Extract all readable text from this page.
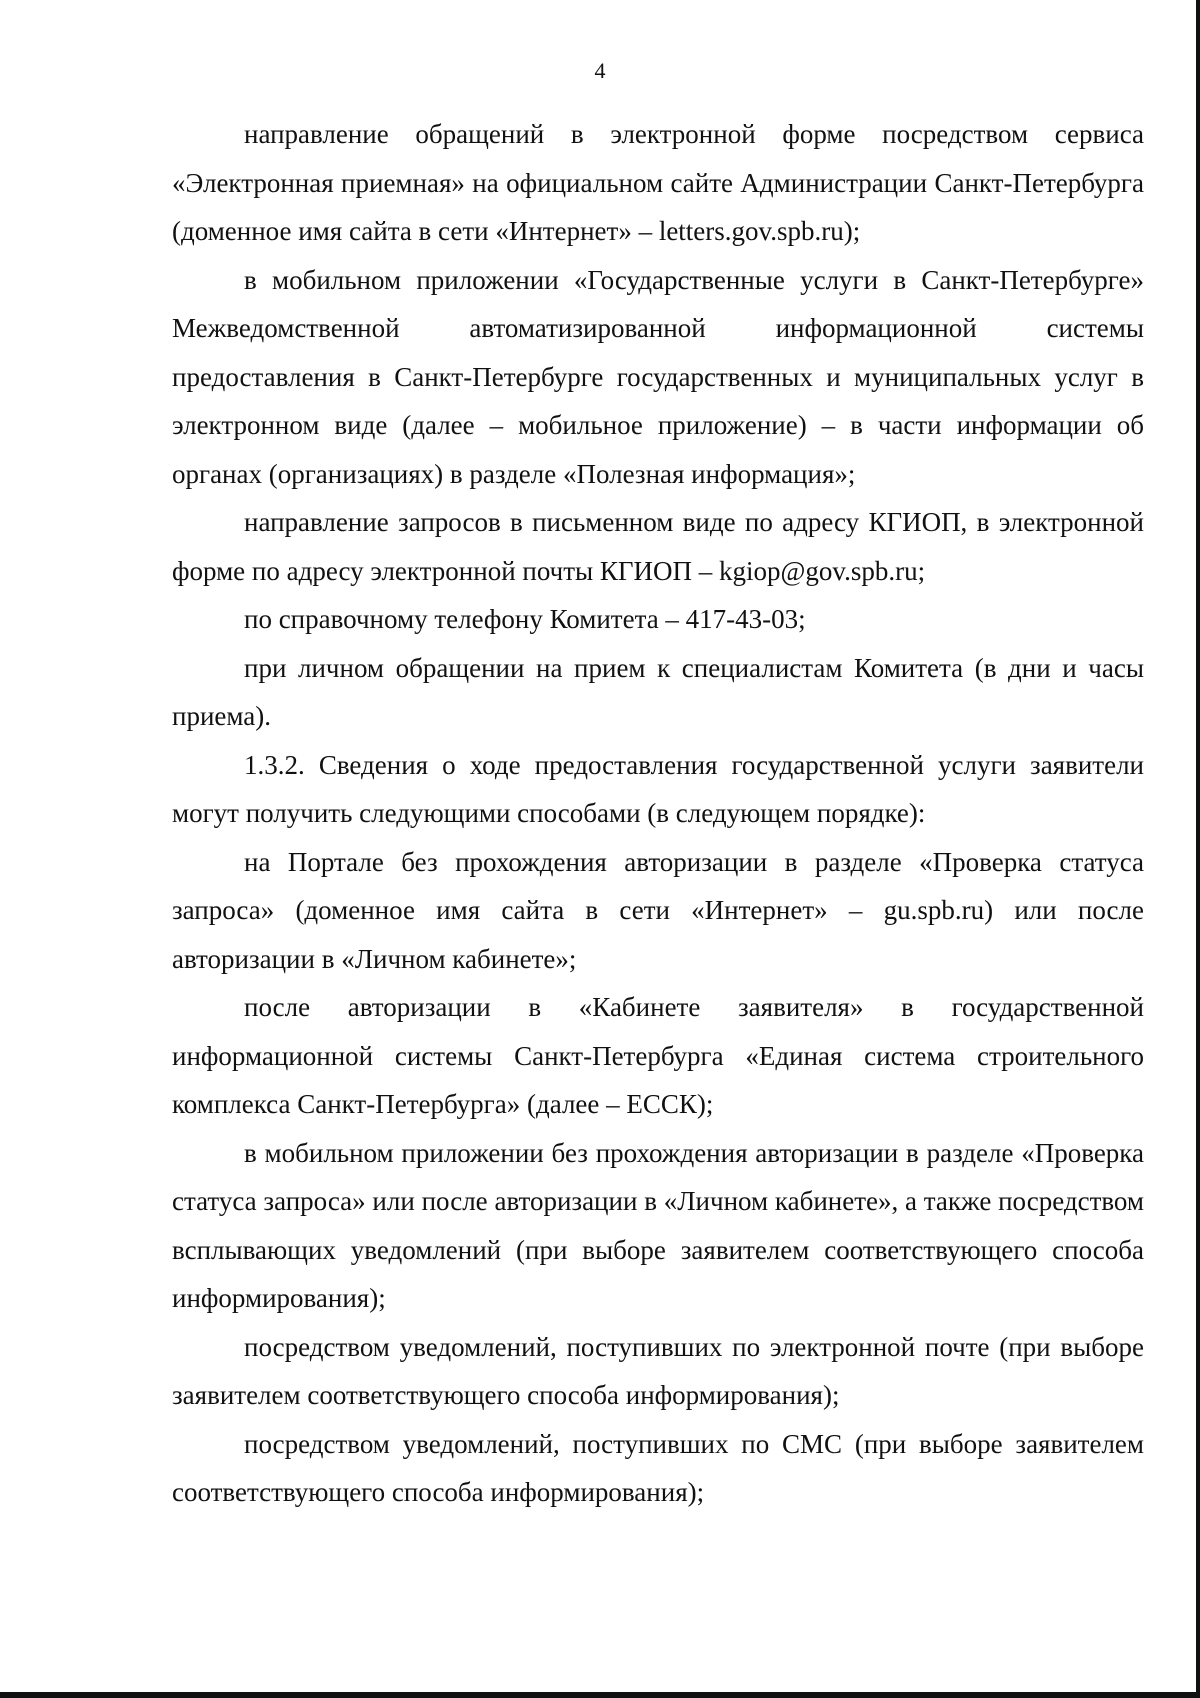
4

направление обращений в электронной форме посредством сервиса «Электронная приемная» на официальном сайте Администрации Санкт-Петербурга (доменное имя сайта в сети «Интернет» – letters.gov.spb.ru);

в мобильном приложении «Государственные услуги в Санкт-Петербурге» Межведомственной автоматизированной информационной системы предоставления в Санкт-Петербурге государственных и муниципальных услуг в электронном виде (далее – мобильное приложение) – в части информации об органах (организациях) в разделе «Полезная информация»;

направление запросов в письменном виде по адресу КГИОП, в электронной форме по адресу электронной почты КГИОП – kgiop@gov.spb.ru;

по справочному телефону Комитета – 417-43-03;

при личном обращении на прием к специалистам Комитета (в дни и часы приема).

1.3.2. Сведения о ходе предоставления государственной услуги заявители могут получить следующими способами (в следующем порядке):

на Портале без прохождения авторизации в разделе «Проверка статуса запроса» (доменное имя сайта в сети «Интернет» – gu.spb.ru) или после авторизации в «Личном кабинете»;

после авторизации в «Кабинете заявителя» в государственной информационной системы Санкт-Петербурга «Единая система строительного комплекса Санкт-Петербурга» (далее – ЕССК);

в мобильном приложении без прохождения авторизации в разделе «Проверка статуса запроса» или после авторизации в «Личном кабинете», а также посредством всплывающих уведомлений (при выборе заявителем соответствующего способа информирования);

посредством уведомлений, поступивших по электронной почте (при выборе заявителем соответствующего способа информирования);

посредством уведомлений, поступивших по СМС (при выборе заявителем соответствующего способа информирования);
